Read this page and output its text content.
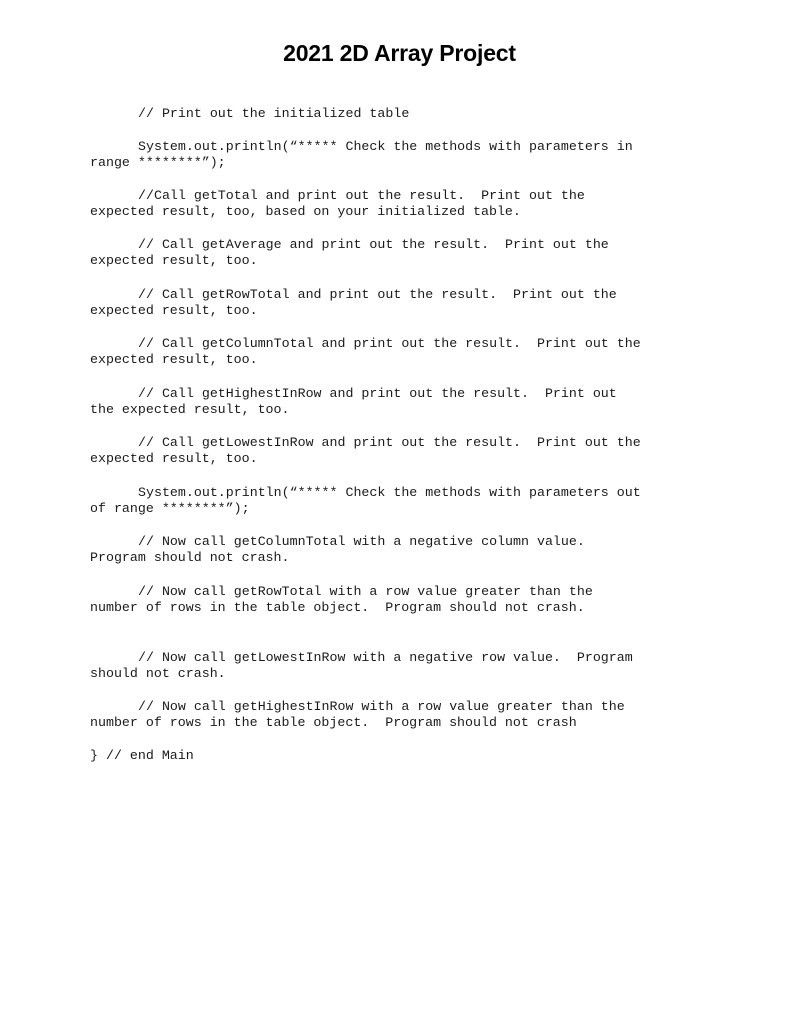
2021 2D Array Project

// Print out the initialized table

System.out.println(“***** Check the methods with parameters in

range ********”);

//Call getTotal and print out the result.  Print out the

expected result, too, based on your initialized table.

// Call getAverage and print out the result.  Print out the

expected result, too.

// Call getRowTotal and print out the result.  Print out the

expected result, too.

// Call getColumnTotal and print out the result.  Print out the

expected result, too.

// Call getHighestInRow and print out the result.  Print out

the expected result, too.

// Call getLowestInRow and print out the result.  Print out the

expected result, too.

System.out.println(“***** Check the methods with parameters out

of range ********”);

// Now call getColumnTotal with a negative column value.

Program should not crash.

// Now call getRowTotal with a row value greater than the

number of rows in the table object.  Program should not crash.

// Now call getLowestInRow with a negative row value.  Program

should not crash.

// Now call getHighestInRow with a row value greater than the

number of rows in the table object.  Program should not crash

} // end Main
